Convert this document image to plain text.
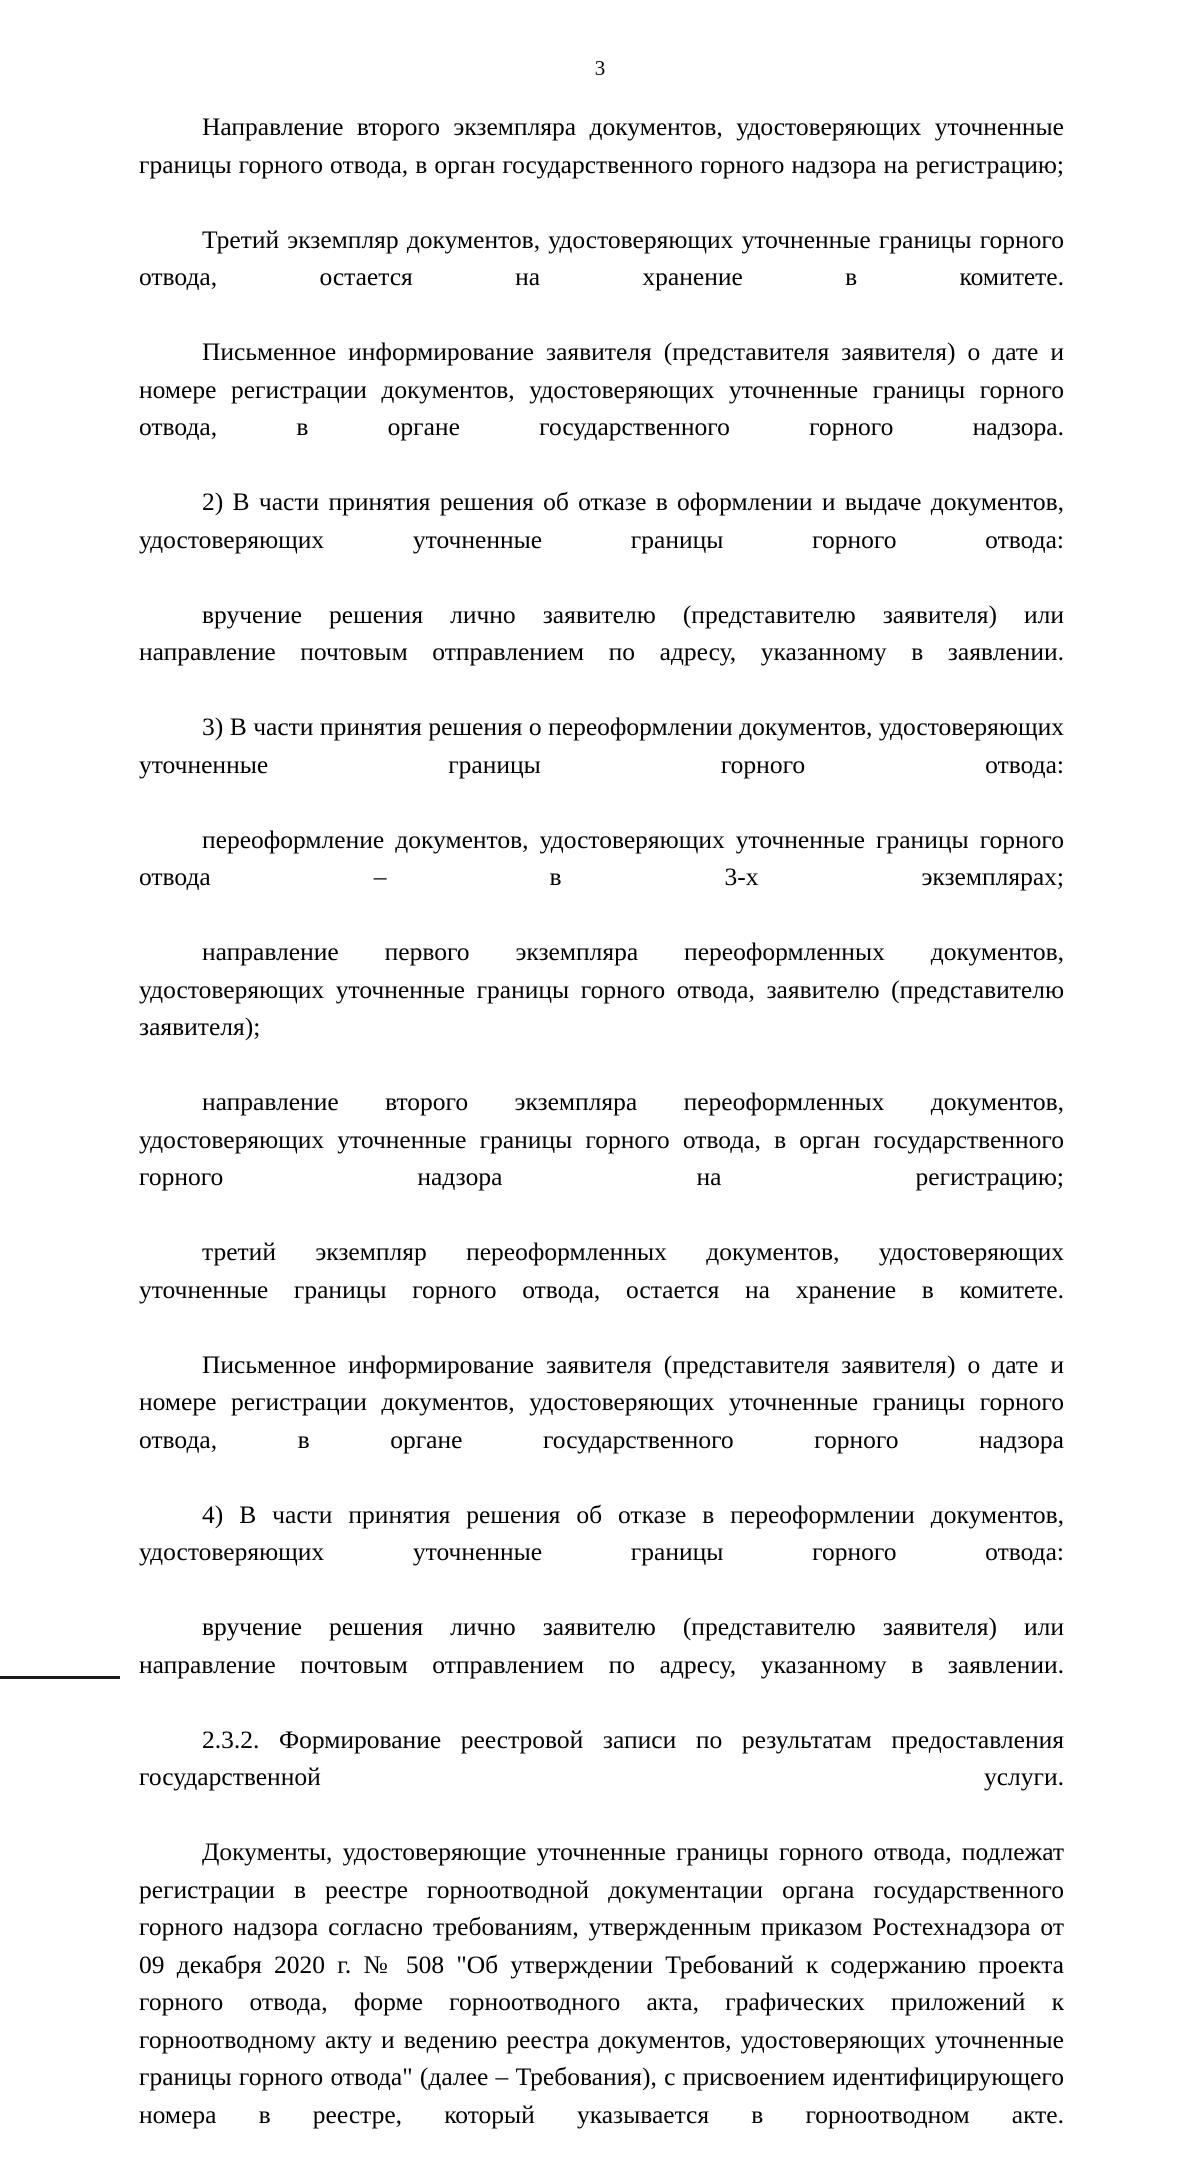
3

Направление второго экземпляра документов, удостоверяющих уточненные границы горного отвода, в орган государственного горного надзора на регистрацию;

Третий экземпляр документов, удостоверяющих уточненные границы горного отвода, остается на хранение в комитете.

Письменное информирование заявителя (представителя заявителя) о дате и номере регистрации документов, удостоверяющих уточненные границы горного отвода, в органе государственного горного надзора.

2) В части принятия решения об отказе в оформлении и выдаче документов, удостоверяющих уточненные границы горного отвода:

вручение решения лично заявителю (представителю заявителя) или направление почтовым отправлением по адресу, указанному в заявлении.

3) В части принятия решения о переоформлении документов, удостоверяющих уточненные границы горного отвода:

переоформление документов, удостоверяющих уточненные границы горного отвода – в 3-х экземплярах;

направление первого экземпляра переоформленных документов, удостоверяющих уточненные границы горного отвода, заявителю (представителю заявителя);

направление второго экземпляра переоформленных документов, удостоверяющих уточненные границы горного отвода, в орган государственного горного надзора на регистрацию;

третий экземпляр переоформленных документов, удостоверяющих уточненные границы горного отвода, остается на хранение в комитете.

Письменное информирование заявителя (представителя заявителя) о дате и номере регистрации документов, удостоверяющих уточненные границы горного отвода, в органе государственного горного надзора

4) В части принятия решения об отказе в переоформлении документов, удостоверяющих уточненные границы горного отвода:

вручение решения лично заявителю (представителю заявителя) или направление почтовым отправлением по адресу, указанному в заявлении.

2.3.2. Формирование реестровой записи по результатам предоставления государственной услуги.

Документы, удостоверяющие уточненные границы горного отвода, подлежат регистрации в реестре горноотводной документации органа государственного горного надзора согласно требованиям, утвержденным приказом Ростехнадзора от 09 декабря 2020 г. № 508 "Об утверждении Требований к содержанию проекта горного отвода, форме горноотводного акта, графических приложений к горноотводному акту и ведению реестра документов, удостоверяющих уточненные границы горного отвода" (далее – Требования), с присвоением идентифицирующего номера в реестре, который указывается в горноотводном акте.
